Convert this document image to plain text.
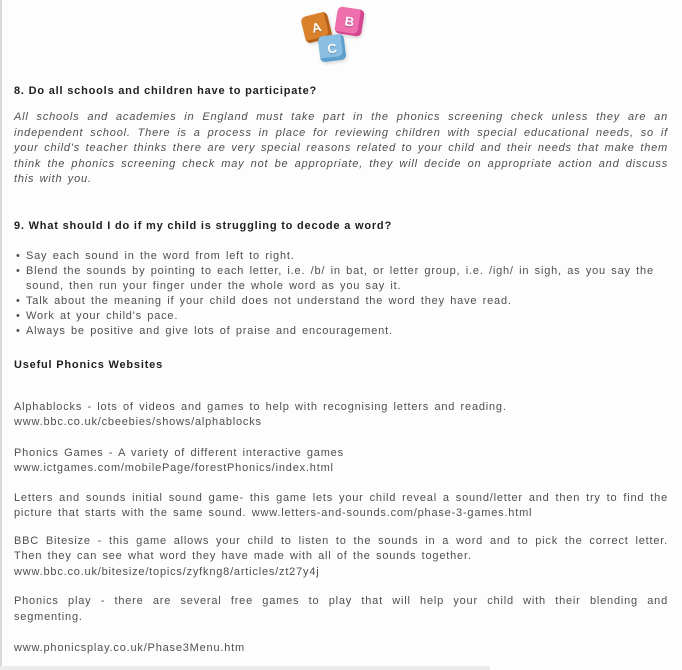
A B
C
8. Do all schools and children have to participate?

All schools and academies in England must take part in the phonics screening check unless they are an independent school. There is a process in place for reviewing children with special educational needs, so if your child's teacher thinks there are very special reasons related to your child and their needs that make them think the phonics screening check may not be appropriate, they will decide on appropriate action and discuss this with you.

9. What should I do if my child is struggling to decode a word?
• Say each sound in the word from left to right.
• Blend the sounds by pointing to each letter, i.e. /b/ in bat, or letter group, i.e. /igh/ in sigh, as you say the sound, then run your finger under the whole word as you say it.
• Talk about the meaning if your child does not understand the word they have read.
• Work at your child's pace.
• Always be positive and give lots of praise and encouragement.
Useful Phonics Websites
Alphablocks - lots of videos and games to help with recognising letters and reading.
www.bbc.co.uk/cbeebies/shows/alphablocks
Phonics Games - A variety of different interactive games
www.ictgames.com/mobilePage/forestPhonics/index.html
Letters and sounds initial sound game- this game lets your child reveal a sound/letter and then try to find the picture that starts with the same sound. www.letters-and-sounds.com/phase-3-games.html
BBC Bitesize - this game allows your child to listen to the sounds in a word and to pick the correct letter. Then they can see what word they have made with all of the sounds together.
www.bbc.co.uk/bitesize/topics/zyfkng8/articles/zt27y4j
Phonics play - there are several free games to play that will help your child with their blending and segmenting.
www.phonicsplay.co.uk/Phase3Menu.htm
